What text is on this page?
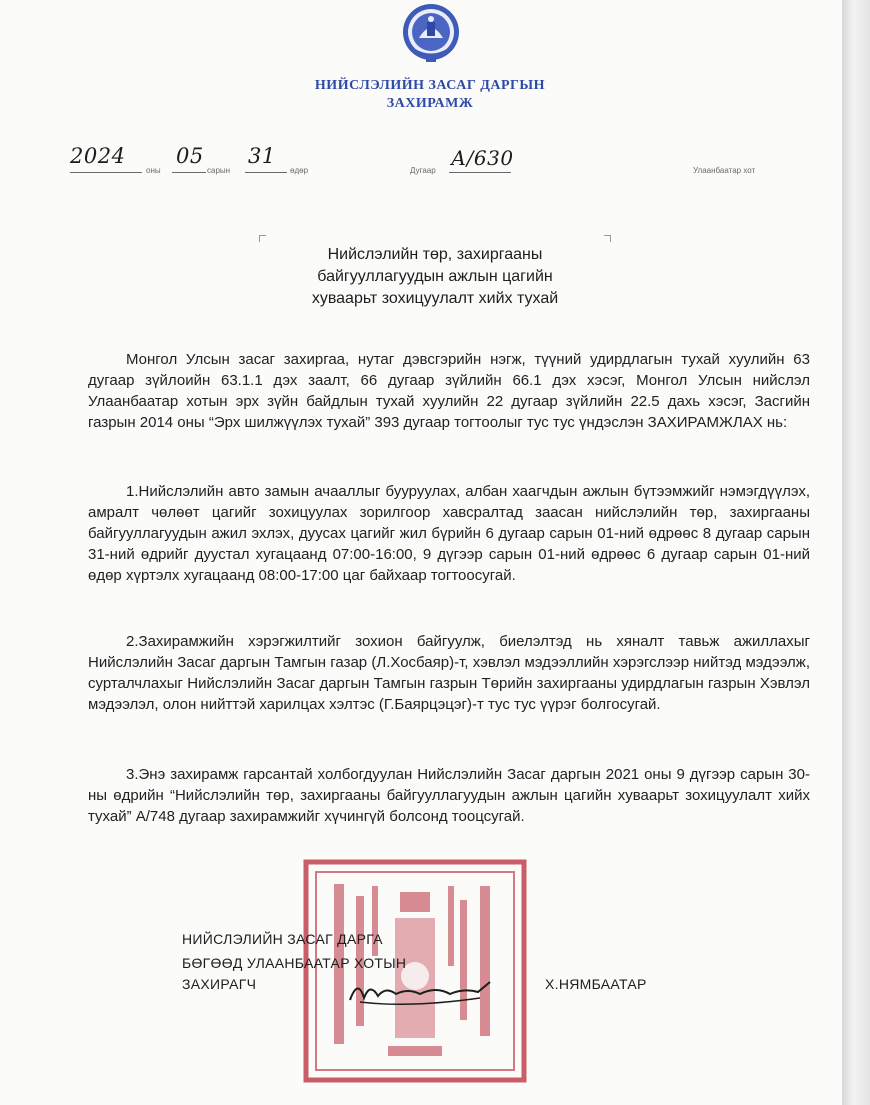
НИЙСЛЭЛИЙН ЗАСАГ ДАРГЫН
ЗАХИРАМЖ
2024 05 31	А/630
оны	сарын	өдөр	Дугаар	Улаанбаатар хот
Нийслэлийн төр, захиргааны
байгууллагуудын ажлын цагийн
хуваарьт зохицуулалт хийх тухай
Монгол Улсын засаг захиргаа, нутаг дэвсгэрийн нэгж, түүний удирдлагын тухай хуулийн 63 дугаар зүйлоийн 63.1.1 дэх заалт, 66 дугаар зүйлийн 66.1 дэх хэсэг, Монгол Улсын нийслэл Улаанбаатар хотын эрх зүйн байдлын тухай хуулийн 22 дугаар зүйлийн 22.5 дахь хэсэг, Засгийн газрын 2014 оны “Эрх шилжүүлэх тухай” 393 дугаар тогтоолыг тус тус үндэслэн ЗАХИРАМЖЛАХ нь:
1.Нийслэлийн авто замын ачааллыг бууруулах, албан хаагчдын ажлын бүтээмжийг нэмэгдүүлэх, амралт чөлөөт цагийг зохицуулах зорилгоор хавсралтад заасан нийслэлийн төр, захиргааны байгууллагуудын ажил эхлэх, дуусах цагийг жил бүрийн 6 дугаар сарын 01-ний өдрөөс 8 дугаар сарын 31-ний өдрийг дуустал хугацаанд 07:00-16:00, 9 дүгээр сарын 01-ний өдрөөс 6 дугаар сарын 01-ний өдөр хүртэлх хугацаанд 08:00-17:00 цаг байхаар тогтоосугай.
2.Захирамжийн хэрэгжилтийг зохион байгуулж, биелэлтэд нь хяналт тавьж ажиллахыг Нийслэлийн Засаг даргын Тамгын газар (Л.Хосбаяр)-т, хэвлэл мэдээллийн хэрэгслээр нийтэд мэдээлж, сурталчлахыг Нийслэлийн Засаг даргын Тамгын газрын Төрийн захиргааны удирдлагын газрын Хэвлэл мэдээлэл, олон нийттэй харилцах хэлтэс (Г.Баярцэцэг)-т тус тус үүрэг болгосугай.
3.Энэ захирамж гарсантай холбогдуулан Нийслэлийн Засаг даргын 2021 оны 9 дүгээр сарын 30-ны өдрийн “Нийслэлийн төр, захиргааны байгууллагуудын ажлын цагийн хуваарьт зохицуулалт хийх тухай” А/748 дугаар захирамжийг хүчингүй болсонд тооцсугай.
НИЙСЛЭЛИЙН ЗАСАГ ДАРГА
БӨГӨӨД УЛААНБААТАР ХОТЫН
ЗАХИРАГЧ	Х.НЯМБААТАР
